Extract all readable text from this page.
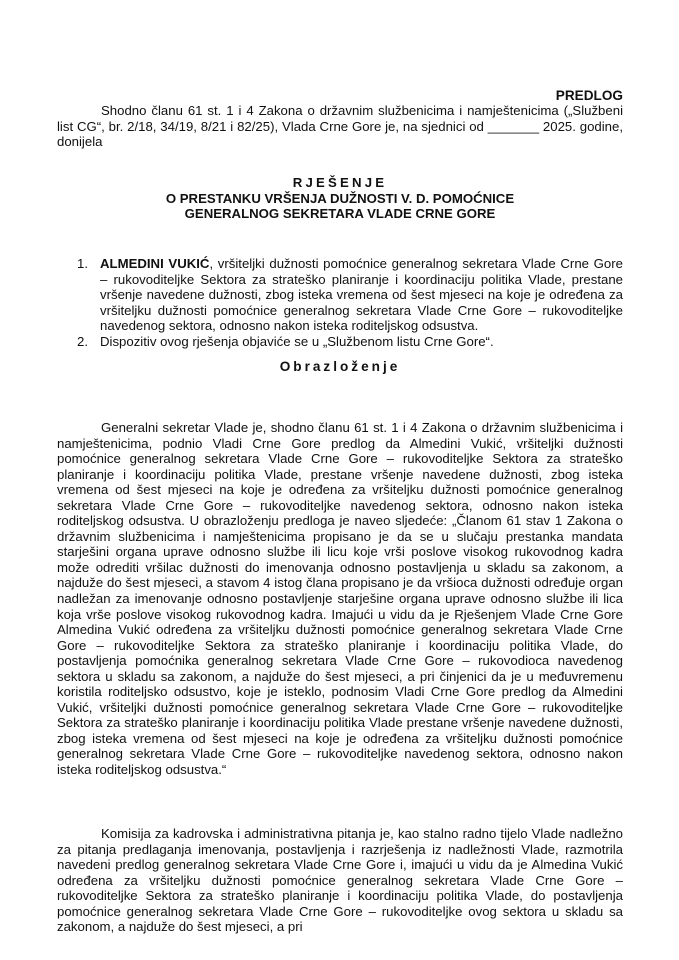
PREDLOG

Shodno članu 61 st. 1 i 4 Zakona o državnim službenicima i namještenicima („Službeni list CG“, br. 2/18, 34/19, 8/21 i 82/25), Vlada Crne Gore je, na sjednici od _______ 2025. godine, donijela

RJEŠENJE
O PRESTANKU VRŠENJA DUŽNOSTI V. D. POMOĆNICE
GENERALNOG SEKRETARA VLADE CRNE GORE
1. ALMEDINI VUKIĆ, vršiteljki dužnosti pomoćnice generalnog sekretara Vlade Crne Gore – rukovoditeljke Sektora za strateško planiranje i koordinaciju politika Vlade, prestane vršenje navedene dužnosti, zbog isteka vremena od šest mjeseci na koje je određena za vršiteljku dužnosti pomoćnice generalnog sekretara Vlade Crne Gore – rukovoditeljke navedenog sektora, odnosno nakon isteka roditeljskog odsustva.
2. Dispozitiv ovog rješenja objaviće se u „Službenom listu Crne Gore“.
Obrazloženje

Generalni sekretar Vlade je, shodno članu 61 st. 1 i 4 Zakona o državnim službenicima i namještenicima, podnio Vladi Crne Gore predlog da Almedini Vukić, vršiteljki dužnosti pomoćnice generalnog sekretara Vlade Crne Gore – rukovoditeljke Sektora za strateško planiranje i koordinaciju politika Vlade, prestane vršenje navedene dužnosti, zbog isteka vremena od šest mjeseci na koje je određena za vršiteljku dužnosti pomoćnice generalnog sekretara Vlade Crne Gore – rukovoditeljke navedenog sektora, odnosno nakon isteka roditeljskog odsustva. U obrazloženju predloga je naveo sljedeće: „Članom 61 stav 1 Zakona o državnim službenicima i namještenicima propisano je da se u slučaju prestanka mandata starješini organa uprave odnosno službe ili licu koje vrši poslove visokog rukovodnog kadra može odrediti vršilac dužnosti do imenovanja odnosno postavljenja u skladu sa zakonom, a najduže do šest mjeseci, a stavom 4 istog člana propisano je da vršioca dužnosti određuje organ nadležan za imenovanje odnosno postavljenje starješine organa uprave odnosno službe ili lica koja vrše poslove visokog rukovodnog kadra. Imajući u vidu da je Rješenjem Vlade Crne Gore Almedina Vukić određena za vršiteljku dužnosti pomoćnice generalnog sekretara Vlade Crne Gore – rukovoditeljke Sektora za strateško planiranje i koordinaciju politika Vlade, do postavljenja pomoćnika generalnog sekretara Vlade Crne Gore – rukovodioca navedenog sektora u skladu sa zakonom, a najduže do šest mjeseci, a pri činjenici da je u međuvremenu koristila roditeljsko odsustvo, koje je isteklo, podnosim Vladi Crne Gore predlog da Almedini Vukić, vršiteljki dužnosti pomoćnice generalnog sekretara Vlade Crne Gore – rukovoditeljke Sektora za strateško planiranje i koordinaciju politika Vlade prestane vršenje navedene dužnosti, zbog isteka vremena od šest mjeseci na koje je određena za vršiteljku dužnosti pomoćnice generalnog sekretara Vlade Crne Gore – rukovoditeljke navedenog sektora, odnosno nakon isteka roditeljskog odsustva.“

Komisija za kadrovska i administrativna pitanja je, kao stalno radno tijelo Vlade nadležno za pitanja predlaganja imenovanja, postavljenja i razrješenja iz nadležnosti Vlade, razmotrila navedeni predlog generalnog sekretara Vlade Crne Gore i, imajući u vidu da je Almedina Vukić određena za vršiteljku dužnosti pomoćnice generalnog sekretara Vlade Crne Gore – rukovoditeljke Sektora za strateško planiranje i koordinaciju politika Vlade, do postavljenja pomoćnice generalnog sekretara Vlade Crne Gore – rukovoditeljke ovog sektora u skladu sa zakonom, a najduže do šest mjeseci, a pri
